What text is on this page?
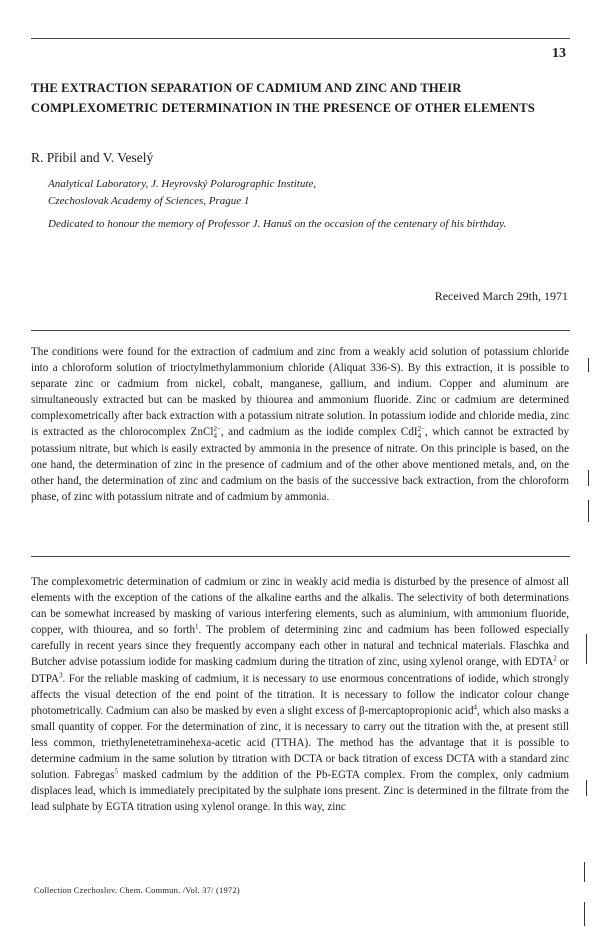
13
THE EXTRACTION SEPARATION OF CADMIUM AND ZINC AND THEIR COMPLEXOMETRIC DETERMINATION IN THE PRESENCE OF OTHER ELEMENTS
R. Přibil and V. Veselý
Analytical Laboratory, J. Heyrovský Polarographic Institute,
Czechoslovak Academy of Sciences, Prague 1
Dedicated to honour the memory of Professor J. Hanuš on the occasion of the centenary of his birthday.
Received March 29th, 1971
The conditions were found for the extraction of cadmium and zinc from a weakly acid solution of potassium chloride into a chloroform solution of trioctylmethylammonium chloride (Aliquat 336-S). By this extraction, it is possible to separate zinc or cadmium from nickel, cobalt, manganese, gallium, and indium. Copper and aluminum are simultaneously extracted but can be masked by thiourea and ammonium fluoride. Zinc or cadmium are determined complexometrically after back extraction with a potassium nitrate solution. In potassium iodide and chloride media, zinc is extracted as the chlorocomplex ZnCl 2−
4 , and cadmium as the iodide complex CdI 2−
4 , which cannot be extracted by potassium nitrate, but which is easily extracted by ammonia in the presence of nitrate. On this principle is based, on the one hand, the determination of zinc in the presence of cadmium and of the other above mentioned metals, and, on the other hand, the determination of zinc and cadmium on the basis of the successive back extraction, from the chloroform phase, of zinc with potassium nitrate and of cadmium by ammonia.
The complexometric determination of cadmium or zinc in weakly acid media is disturbed by the presence of almost all elements with the exception of the cations of the alkaline earths and the alkalis. The selectivity of both determinations can be somewhat increased by masking of various interfering elements, such as aluminium, with ammonium fluoride, copper, with thiourea, and so forth$^1$. The problem of determining zinc and cadmium has been followed especially carefully in recent years since they frequently accompany each other in natural and technical materials. Flaschka and Butcher advise potassium iodide for masking cadmium during the titration of zinc, using xylenol orange, with EDTA$^2$ or DTPA$^3$. For the reliable masking of cadmium, it is necessary to use enormous concentrations of iodide, which strongly affects the visual detection of the end point of the titration. It is necessary to follow the indicator colour change photometrically. Cadmium can also be masked by even a slight excess of β-mercaptopropionic acid$^4$, which also masks a small quantity of copper. For the determination of zinc, it is necessary to carry out the titration with the, at present still less common, triethylenetetraminehexa-acetic acid (TTHA). The method has the advantage that it is possible to determine cadmium in the same solution by titration with DCTA or back titration of excess DCTA with a standard zinc solution. Fabregas$^5$ masked cadmium by the addition of the Pb-EGTA complex. From the complex, only cadmium displaces lead, which is immediately precipitated by the sulphate ions present. Zinc is determined in the filtrate from the lead sulphate by EGTA titration using xylenol orange. In this way, zinc
Collection Czechoslov. Chem. Commun. /Vol. 37/ (1972)
